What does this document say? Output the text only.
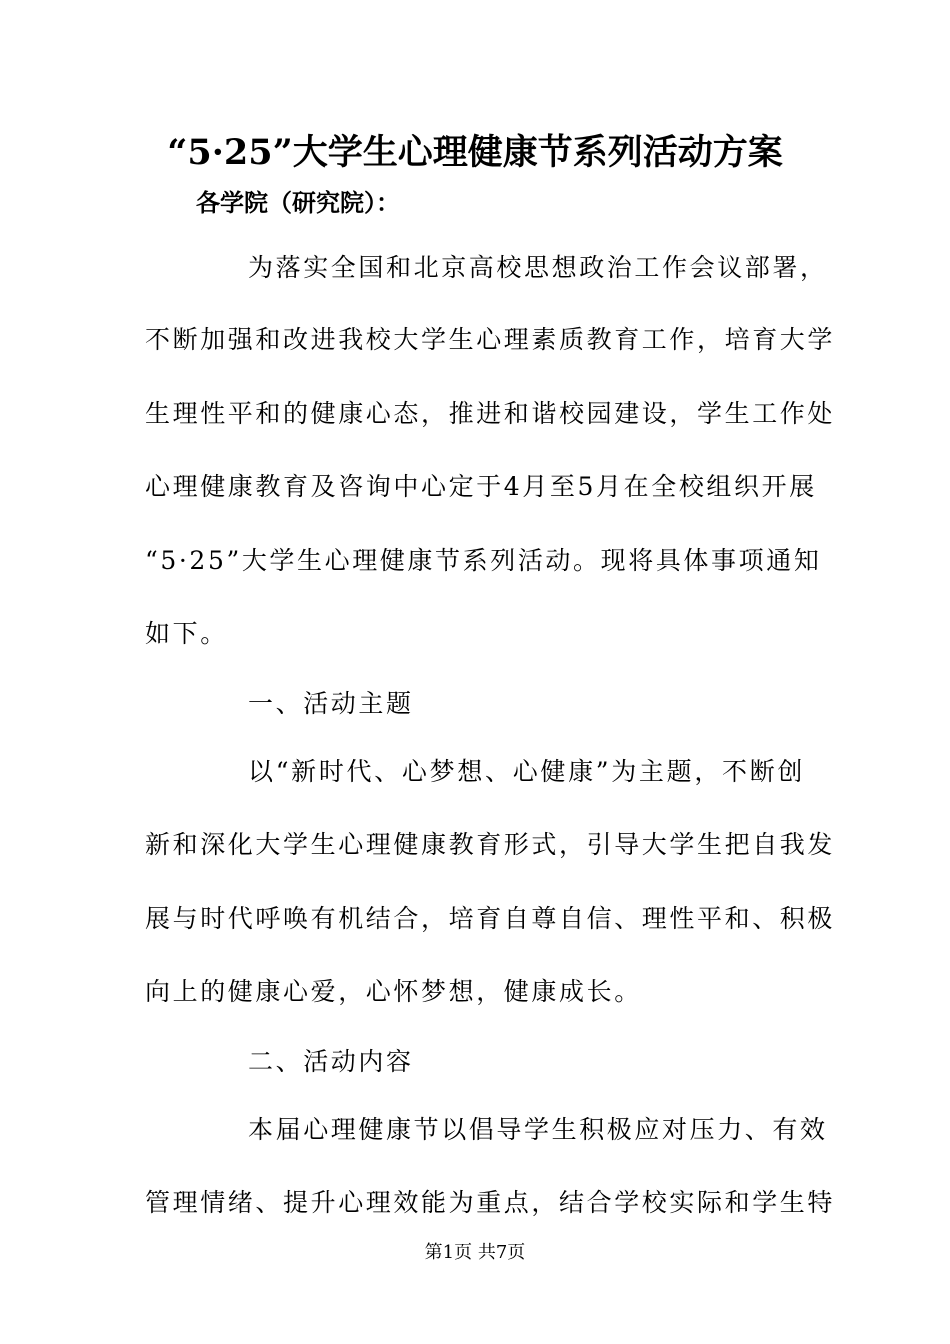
“5·25”大学生心理健康节系列活动方案
各学院（研究院）：
为落实全国和北京高校思想政治工作会议部署，
不断加强和改进我校大学生心理素质教育工作，培育大学
生理性平和的健康心态，推进和谐校园建设，学生工作处
心理健康教育及咨询中心定于4月至5月在全校组织开展
“5·25”大学生心理健康节系列活动。现将具体事项通知
如下。
一、活动主题
以“新时代、心梦想、心健康”为主题，不断创
新和深化大学生心理健康教育形式，引导大学生把自我发
展与时代呼唤有机结合，培育自尊自信、理性平和、积极
向上的健康心爱，心怀梦想，健康成长。
二、活动内容
本届心理健康节以倡导学生积极应对压力、有效
管理情绪、提升心理效能为重点，结合学校实际和学生特
第1页 共7页
